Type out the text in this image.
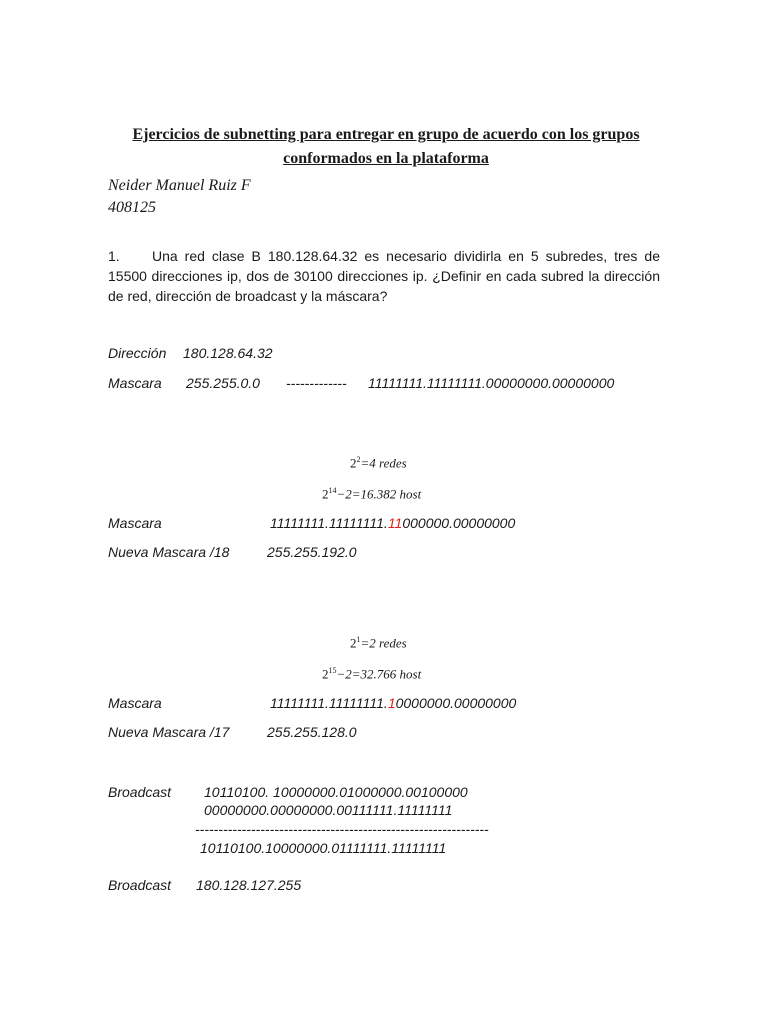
Ejercicios de subnetting para entregar en grupo de acuerdo con los grupos conformados en la plataforma
Neider Manuel Ruiz F
408125
1. Una red clase B 180.128.64.32 es necesario dividirla en 5 subredes, tres de 15500 direcciones ip, dos de 30100 direcciones ip. ¿Definir en cada subred la dirección de red, dirección de broadcast y la máscara?
Dirección 180.128.64.32
Mascara 255.255.0.0 ------------- 11111111.11111111.00000000.00000000
$2^2=4$ redes
$2^{14}-2=16.382$ host
Mascara	11111111.11111111.11000000.00000000
Nueva Mascara /18	255.255.192.0
$2^1=2$ redes
$2^{15}-2=32.766$ host
Mascara	11111111.11111111.10000000.00000000
Nueva Mascara /17	255.255.128.0
Broadcast 10110100. 10000000.01000000.00100000
00000000.00000000.00111111.11111111
---------------------------------------------------------------
10110100.10000000.01111111.11111111
Broadcast 180.128.127.255
